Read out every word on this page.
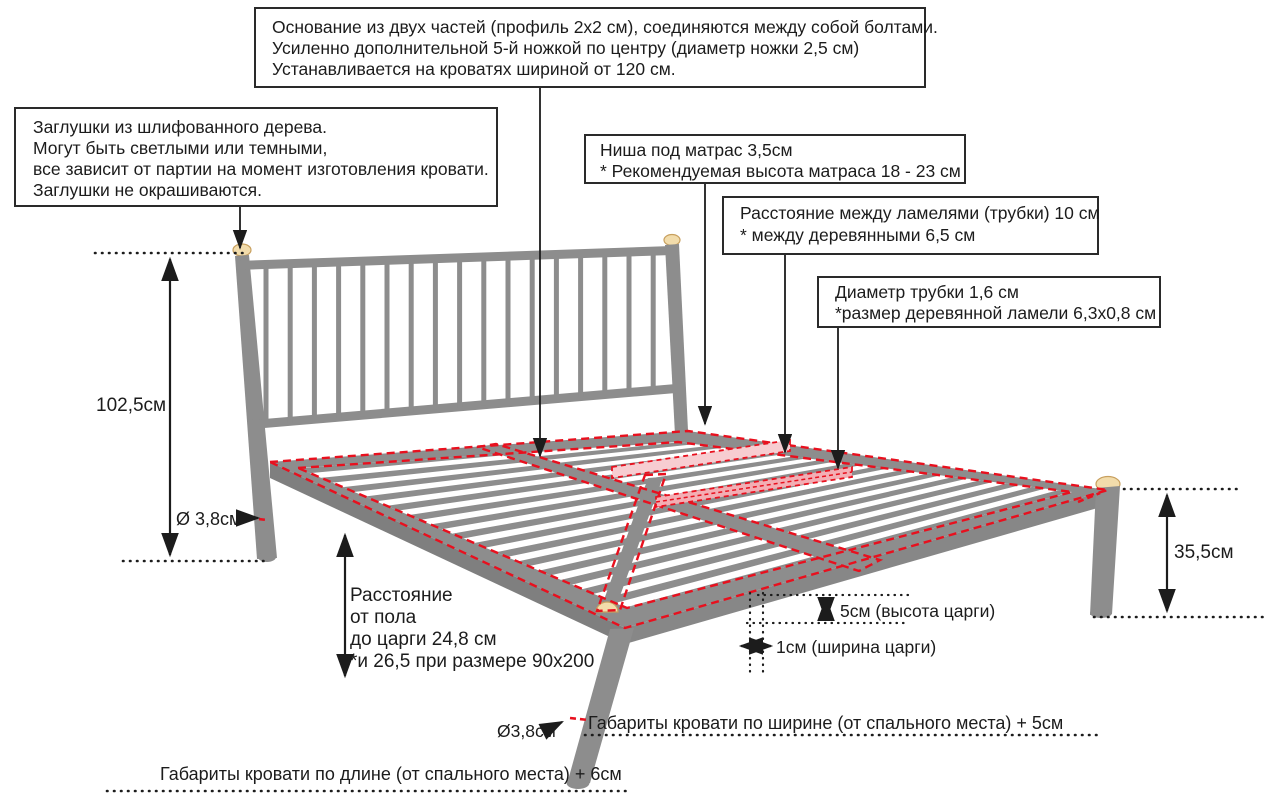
102,5см
Ø 3,8см
35,5см
Расстояние
от пола
до царги 24,8 см
*и 26,5 при размере 90х200
5см (высота царги)
1см (ширина царги)
Ø3,8см Габариты кровати по ширине (от спального места) + 5см
Габариты кровати по длине (от спального места) + 6см
Основание из двух частей (профиль 2х2 см), соединяются между собой болтами.
Усиленно дополнительной 5-й ножкой по центру (диаметр ножки 2,5 см)
Устанавливается на кроватях шириной от 120 см.
Заглушки из шлифованного дерева.
Могут быть светлыми или темными,
все зависит от партии на момент изготовления кровати.
Заглушки не окрашиваются.
Ниша под матрас 3,5см
* Рекомендуемая высота матраса 18 - 23 см
Расстояние между ламелями (трубки) 10 см
* между деревянными 6,5 см
Диаметр трубки 1,6 см
*размер деревянной ламели 6,3х0,8 см
